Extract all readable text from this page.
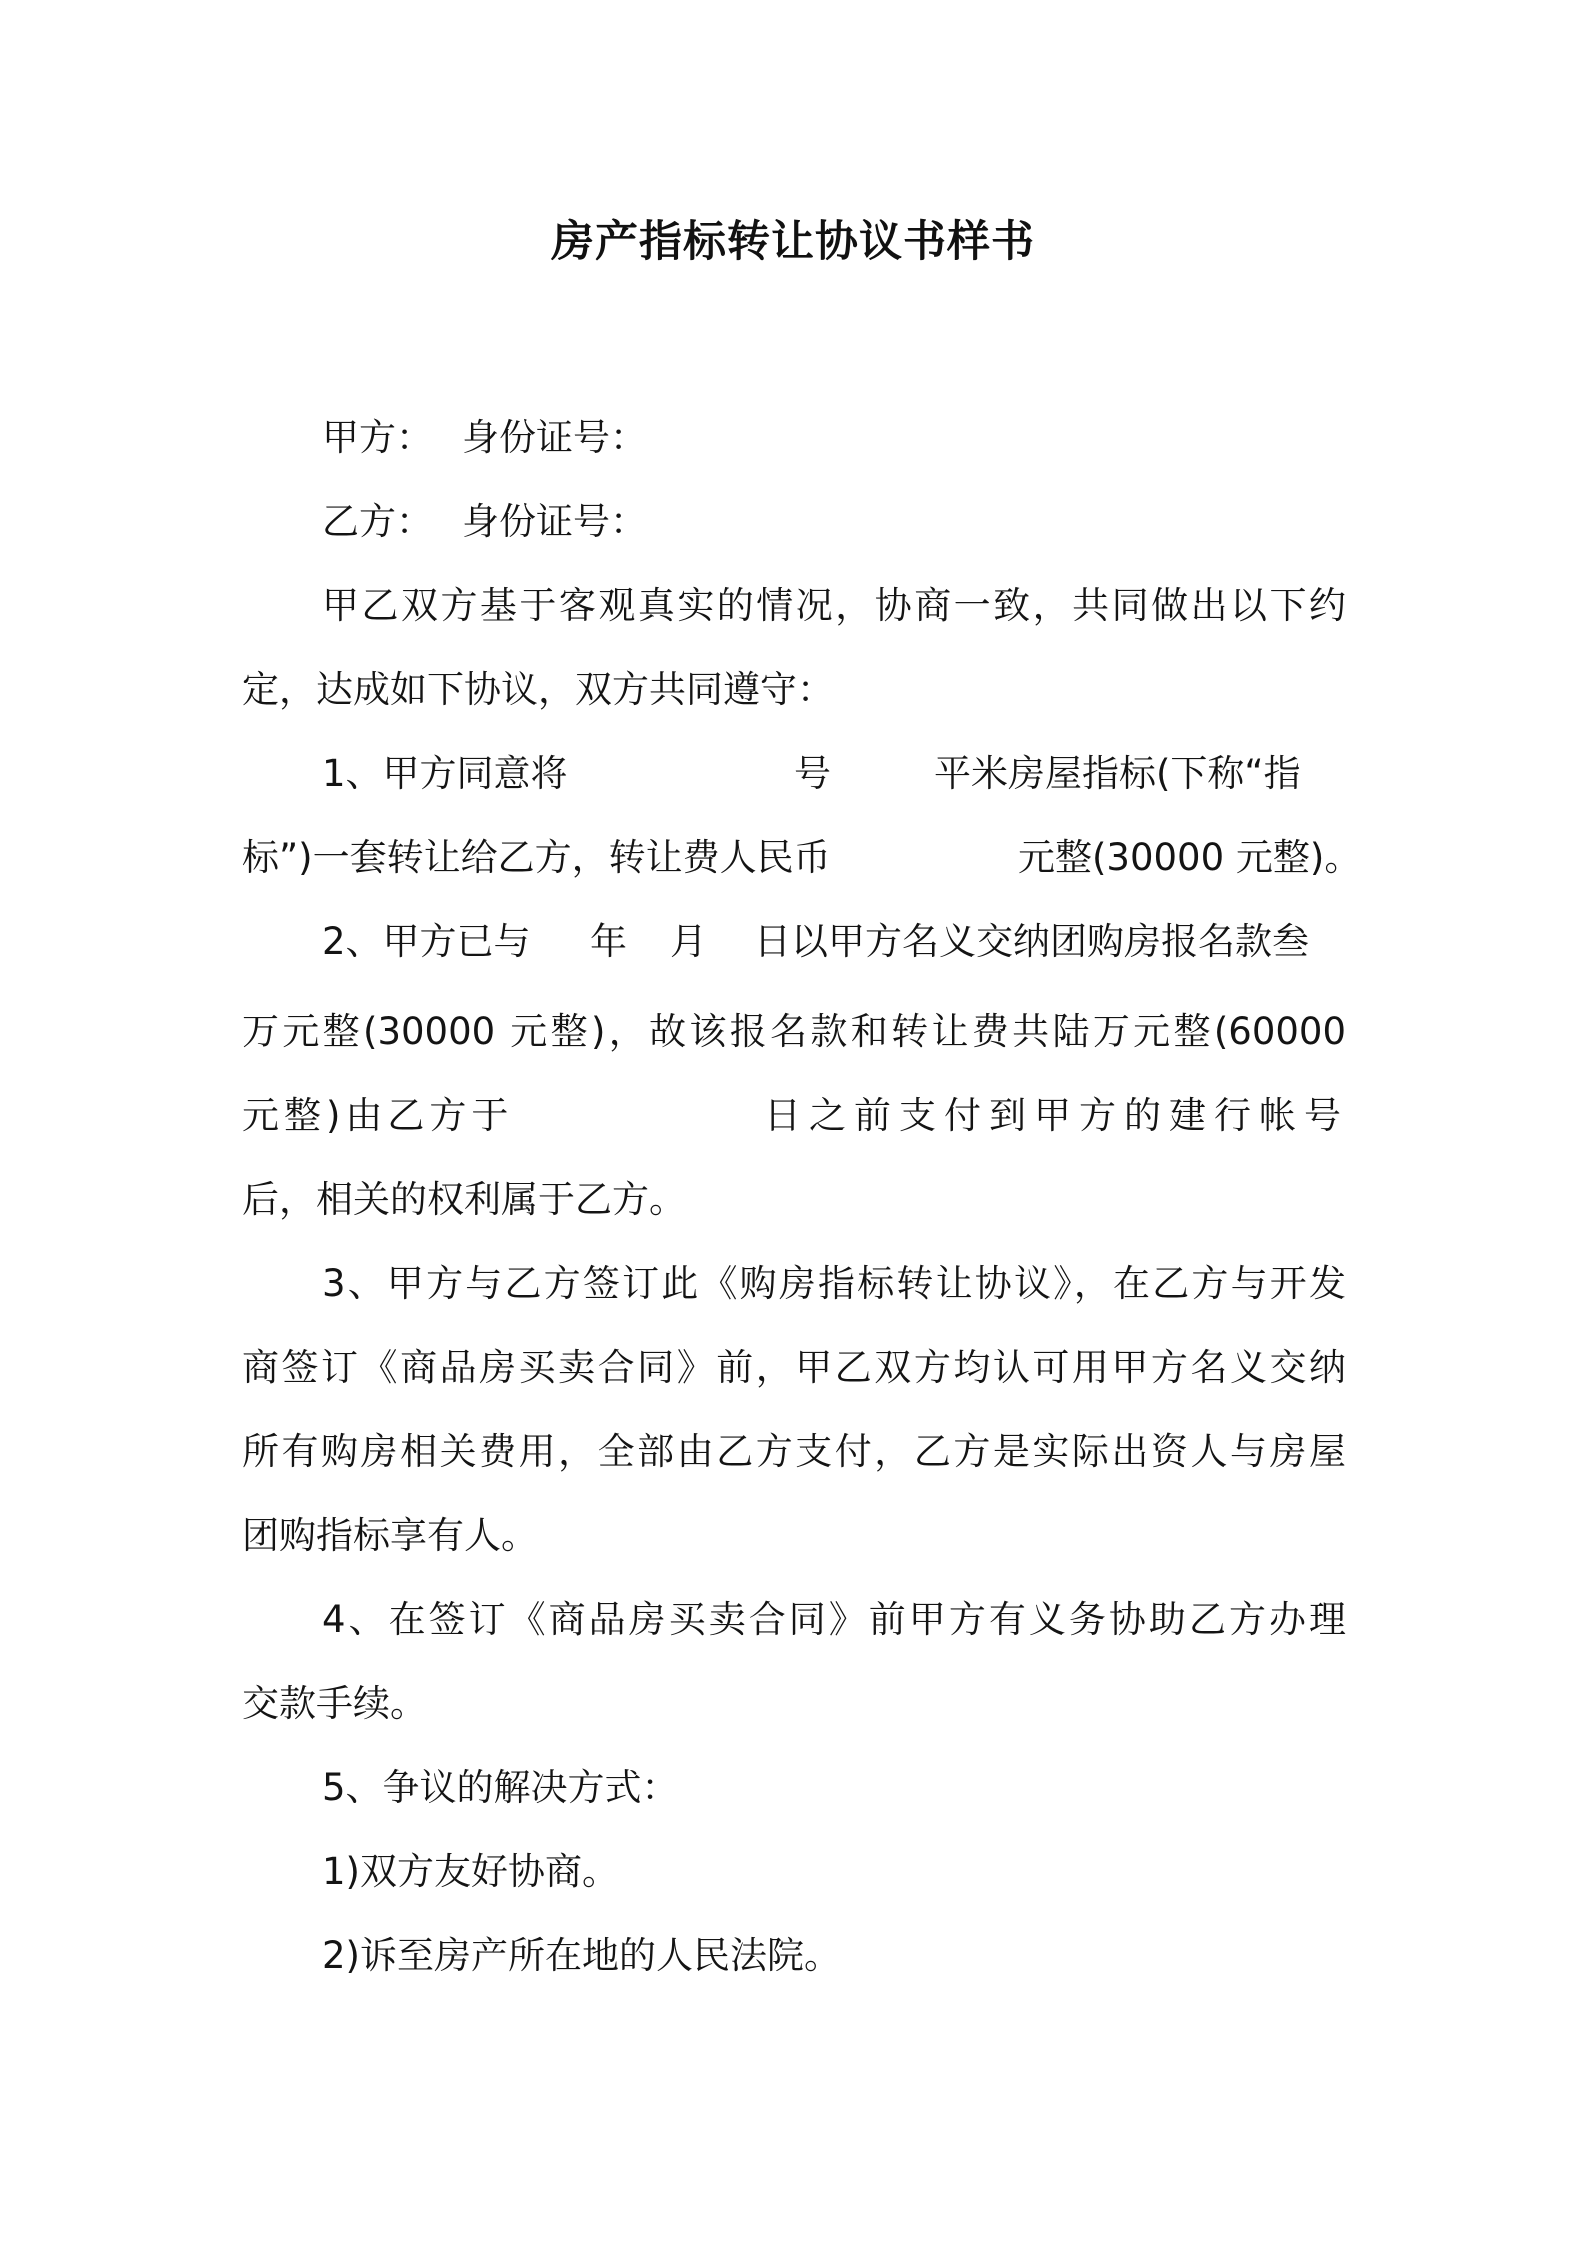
房产指标转让协议书样书
甲方： 身份证号：
乙方： 身份证号：
甲乙双方基于客观真实的情况，协商一致，共同做出以下约
定，达成如下协议，双方共同遵守：
1、甲方同意将	号	平米房屋指标(下称“指
标”)一套转让给乙方，转让费人民币	元整(30000 元整)。
2、甲方已与 年 月 日以甲方名义交纳团购房报名款叁
万元整(30000 元整)，故该报名款和转让费共陆万元整(60000
元整)由乙方于	日之前支付到甲方的建行帐号
后，相关的权利属于乙方。
3、甲方与乙方签订此《购房指标转让协议》，在乙方与开发
商签订《商品房买卖合同》前，甲乙双方均认可用甲方名义交纳
所有购房相关费用，全部由乙方支付，乙方是实际出资人与房屋
团购指标享有人。
4、在签订《商品房买卖合同》前甲方有义务协助乙方办理
交款手续。
5、争议的解决方式：
1)双方友好协商。
2)诉至房产所在地的人民法院。
